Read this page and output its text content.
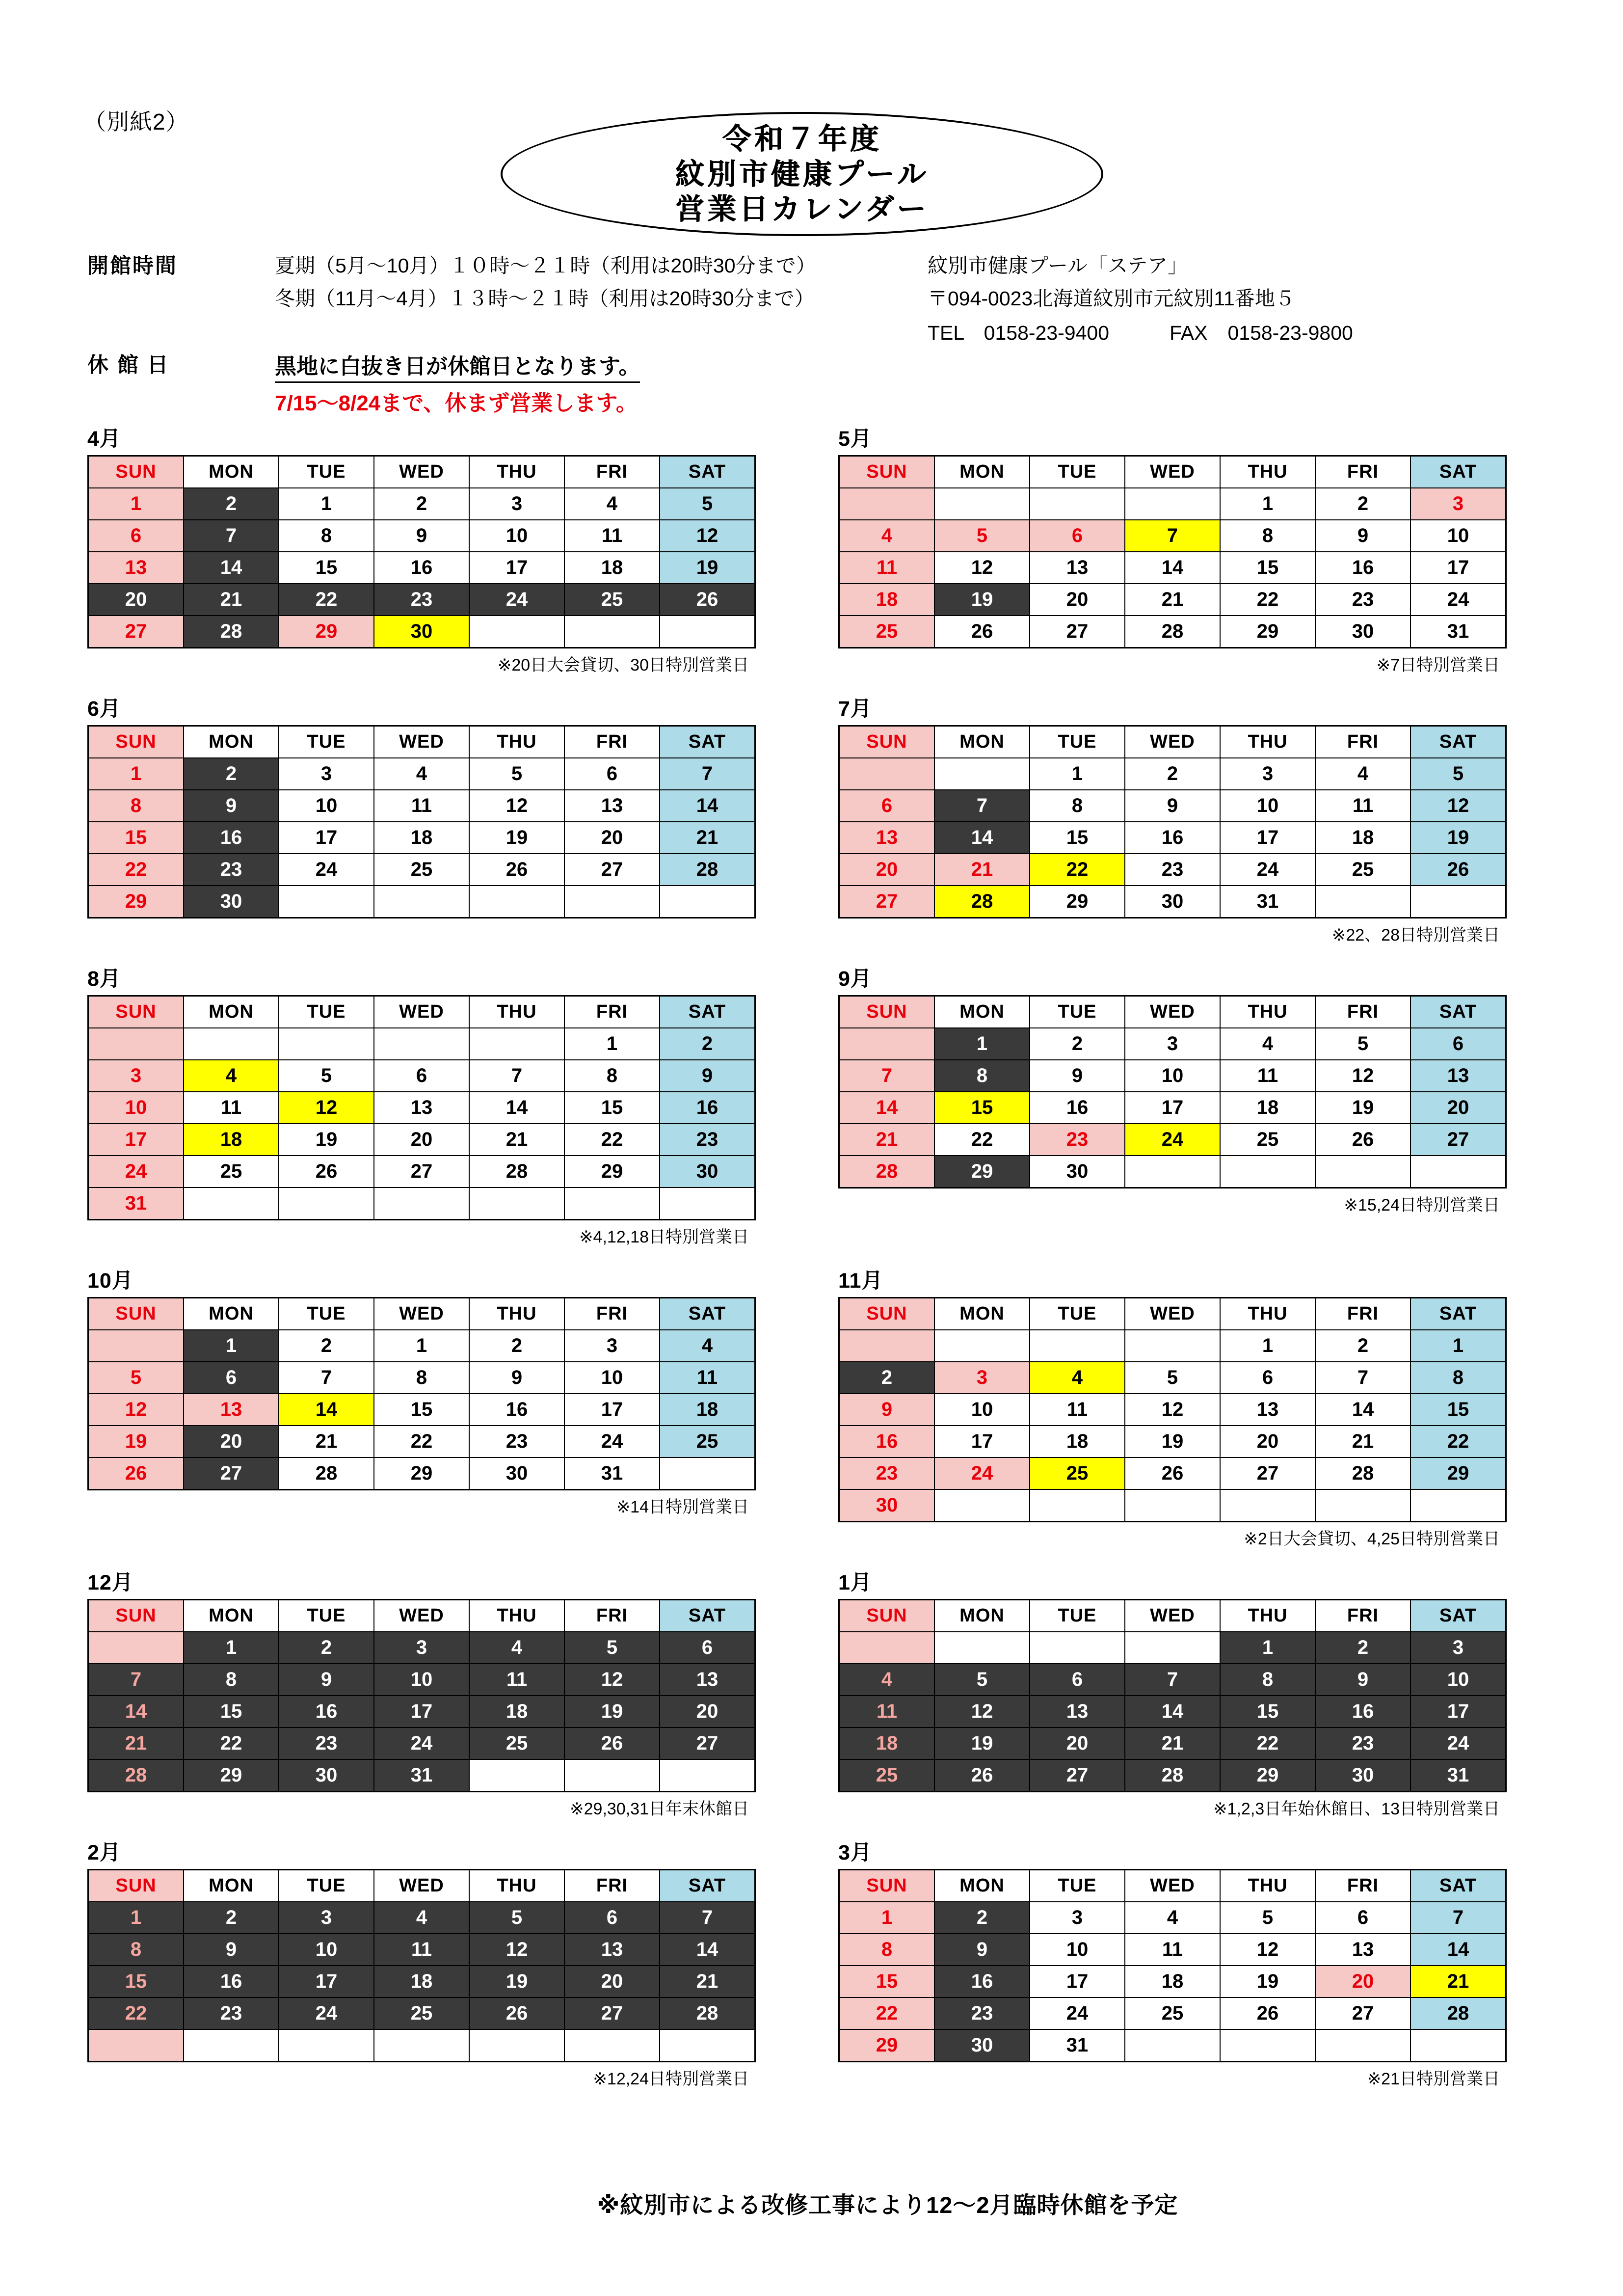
（別紙2）	令和７年度
紋別市健康プール
営業日カレンダー
開館時間	夏期（5月～10月）１０時～２１時（利用は20時30分まで）
冬期（11月～4月）１３時～２１時（利用は20時30分まで）
紋別市健康プール「ステア」
〒094-0023北海道紋別市元紋別11番地５
TEL　0158-23-9400　　　FAX　0158-23-9800
休 館 日	黒地に白抜き日が休館日となります。
7/15～8/24まで、休まず営業します。
4月
SUN	MON	TUE	WED	THU	FRI	SAT
1	2	1	2	3	4	5
6	7	8	9	10	11	12
13	14	15	16	17	18	19
20	21	22	23	24	25	26
27	28	29	30			
※20日大会貸切、30日特別営業日
5月
SUN	MON	TUE	WED	THU	FRI	SAT
				1	2	3
4	5	6	7	8	9	10
11	12	13	14	15	16	17
18	19	20	21	22	23	24
25	26	27	28	29	30	31
※7日特別営業日
6月
SUN	MON	TUE	WED	THU	FRI	SAT
1	2	3	4	5	6	7
8	9	10	11	12	13	14
15	16	17	18	19	20	21
22	23	24	25	26	27	28
29	30					
7月
SUN	MON	TUE	WED	THU	FRI	SAT
		1	2	3	4	5
6	7	8	9	10	11	12
13	14	15	16	17	18	19
20	21	22	23	24	25	26
27	28	29	30	31		
※22、28日特別営業日
8月
SUN	MON	TUE	WED	THU	FRI	SAT
					1	2
3	4	5	6	7	8	9
10	11	12	13	14	15	16
17	18	19	20	21	22	23
24	25	26	27	28	29	30
31						
※4,12,18日特別営業日
9月
SUN	MON	TUE	WED	THU	FRI	SAT
	1	2	3	4	5	6
7	8	9	10	11	12	13
14	15	16	17	18	19	20
21	22	23	24	25	26	27
28	29	30				
※15,24日特別営業日
10月
SUN	MON	TUE	WED	THU	FRI	SAT
	1	2	1	2	3	4
5	6	7	8	9	10	11
12	13	14	15	16	17	18
19	20	21	22	23	24	25
26	27	28	29	30	31	
※14日特別営業日
11月
SUN	MON	TUE	WED	THU	FRI	SAT
				1	2	1
2	3	4	5	6	7	8
9	10	11	12	13	14	15
16	17	18	19	20	21	22
23	24	25	26	27	28	29
30						
※2日大会貸切、4,25日特別営業日
12月
SUN	MON	TUE	WED	THU	FRI	SAT
	1	2	3	4	5	6
7	8	9	10	11	12	13
14	15	16	17	18	19	20
21	22	23	24	25	26	27
28	29	30	31			
※29,30,31日年末休館日
1月
SUN	MON	TUE	WED	THU	FRI	SAT
				1	2	3
4	5	6	7	8	9	10
11	12	13	14	15	16	17
18	19	20	21	22	23	24
25	26	27	28	29	30	31
※1,2,3日年始休館日、13日特別営業日
2月
SUN	MON	TUE	WED	THU	FRI	SAT
1	2	3	4	5	6	7
8	9	10	11	12	13	14
15	16	17	18	19	20	21
22	23	24	25	26	27	28

※12,24日特別営業日
3月
SUN	MON	TUE	WED	THU	FRI	SAT
1	2	3	4	5	6	7
8	9	10	11	12	13	14
15	16	17	18	19	20	21
22	23	24	25	26	27	28
29	30	31				
※21日特別営業日
※紋別市による改修工事により12～2月臨時休館を予定
